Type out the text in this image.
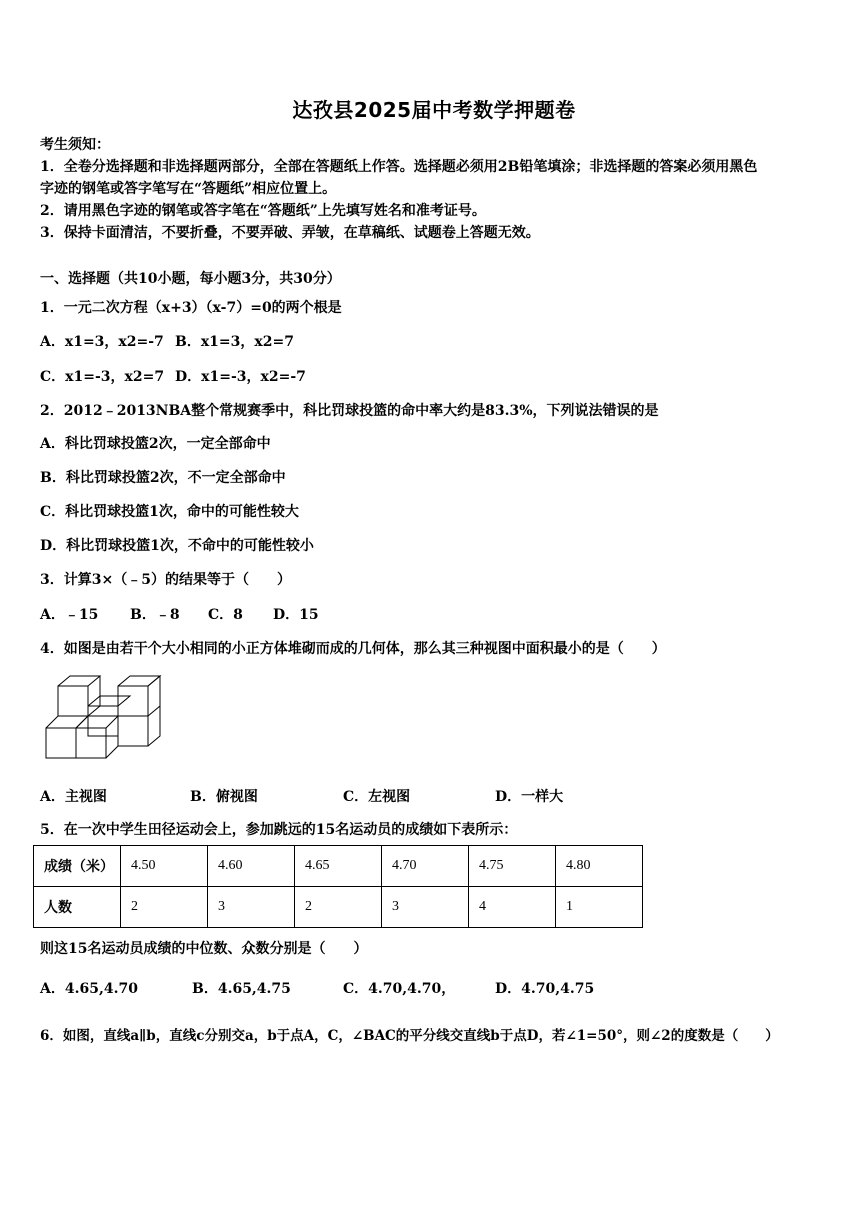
达孜县2025届中考数学押题卷
考生须知：
1．全卷分选择题和非选择题两部分，全部在答题纸上作答。选择题必须用2B铅笔填涂；非选择题的答案必须用黑色
字迹的钢笔或答字笔写在“答题纸”相应位置上。
2．请用黑色字迹的钢笔或答字笔在“答题纸”上先填写姓名和准考证号。
3．保持卡面清洁，不要折叠，不要弄破、弄皱，在草稿纸、试题卷上答题无效。
一、选择题（共10小题，每小题3分，共30分）
1．一元二次方程（x+3）（x-7）=0的两个根是
A．x1=3，x2=-7 B．x1=3，x2=7
C．x1=-3，x2=7 D．x1=-3，x2=-7
2．2012﹣2013NBA整个常规赛季中，科比罚球投篮的命中率大约是83.3%，下列说法错误的是
A．科比罚球投篮2次，一定全部命中
B．科比罚球投篮2次，不一定全部命中
C．科比罚球投篮1次，命中的可能性较大
D．科比罚球投篮1次，不命中的可能性较小
3．计算3×（﹣5）的结果等于（　　）
A．﹣15 B．﹣8 C．8 D．15
4．如图是由若干个大小相同的小正方体堆砌而成的几何体，那么其三种视图中面积最小的是（　　）
A．主视图	B．俯视图	C．左视图	D．一样大
5．在一次中学生田径运动会上，参加跳远的15名运动员的成绩如下表所示：
成绩（米）	4.50	4.60	4.65	4.70	4.75	4.80
人数	2	3	2	3	4	1
则这15名运动员成绩的中位数、众数分别是（　　）
A．4.65,4.70	B．4.65,4.75	C．4.70,4.70，	D．4.70,4.75
6．如图，直线a∥b，直线c分别交a，b于点A，C，∠BAC的平分线交直线b于点D，若∠1=50°，则∠2的度数是（　　）
